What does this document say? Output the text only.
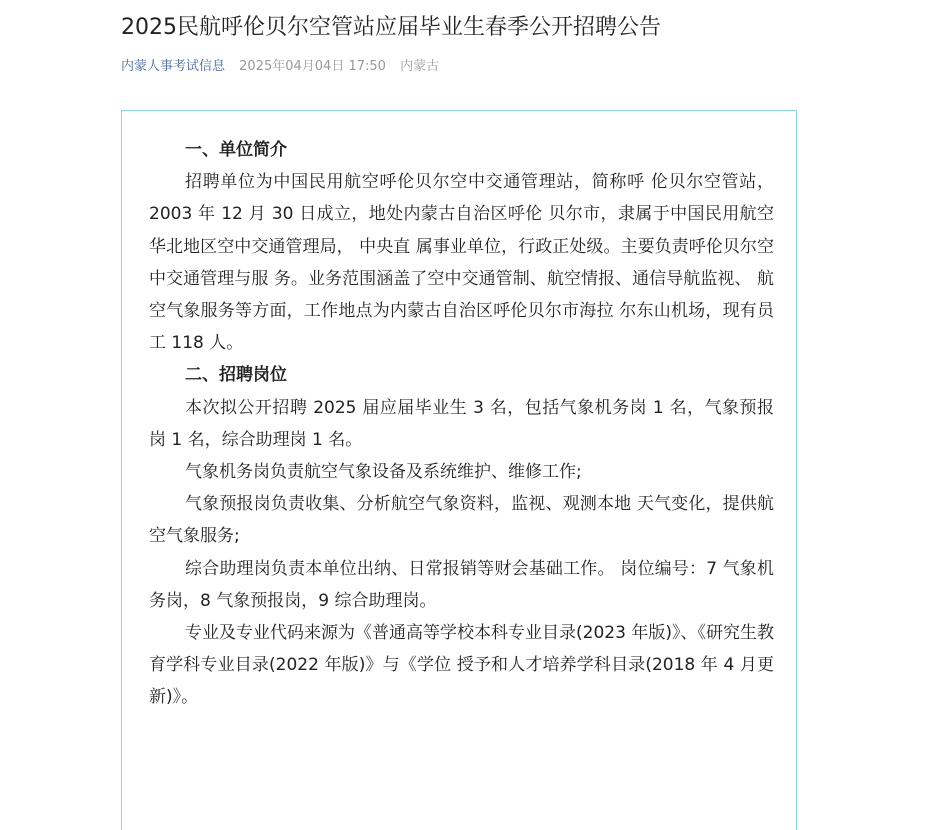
2025民航呼伦贝尔空管站应届毕业生春季公开招聘公告
内蒙人事考试信息 2025年04月04日 17:50 内蒙古
一、单位简介

招聘单位为中国民用航空呼伦贝尔空中交通管理站，简称呼 伦贝尔空管站，2003 年 12 月 30 日成立，地处内蒙古自治区呼伦 贝尔市，隶属于中国民用航空华北地区空中交通管理局， 中央直 属事业单位，行政正处级。主要负责呼伦贝尔空中交通管理与服 务。业务范围涵盖了空中交通管制、航空情报、通信导航监视、 航空气象服务等方面，工作地点为内蒙古自治区呼伦贝尔市海拉 尔东山机场，现有员工 118 人。

二、招聘岗位

本次拟公开招聘 2025 届应届毕业生 3 名，包括气象机务岗 1 名，气象预报岗 1 名，综合助理岗 1 名。

气象机务岗负责航空气象设备及系统维护、维修工作;

气象预报岗负责收集、分析航空气象资料，监视、观测本地 天气变化，提供航空气象服务;

综合助理岗负责本单位出纳、日常报销等财会基础工作。 岗位编号：7 气象机务岗，8 气象预报岗，9 综合助理岗。

专业及专业代码来源为《普通高等学校本科专业目录(2023 年版)》、《研究生教育学科专业目录(2022 年版)》与《学位 授予和人才培养学科目录(2018 年 4 月更新)》。
